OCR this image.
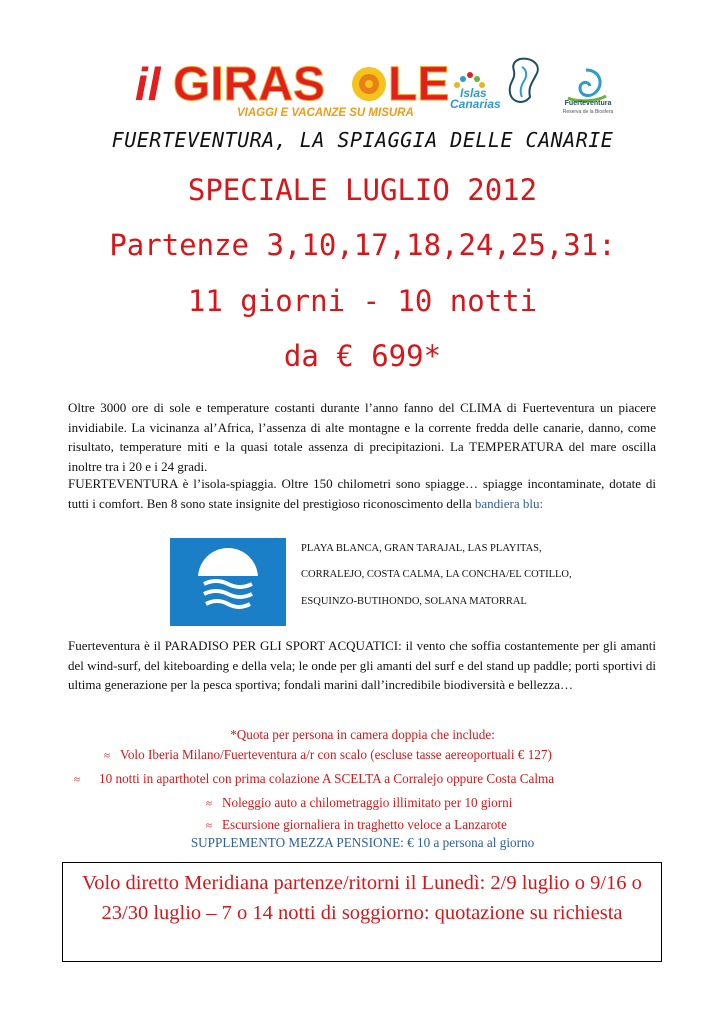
il GIRAS LE
VIAGGI E VACANZE SU MISURA
Islas
Canarias	Fuerteventura
Reserva de la Biosfera
FUERTEVENTURA, LA SPIAGGIA DELLE CANARIE
SPECIALE LUGLIO 2012
Partenze 3,10,17,18,24,25,31:
11 giorni - 10 notti
da € 699*
Oltre 3000 ore di sole e temperature costanti durante l’anno fanno del CLIMA di Fuerteventura un piacere invidiabile. La vicinanza al’Africa, l’assenza di alte montagne e la corrente fredda delle canarie, danno, come risultato, temperature miti e la quasi totale assenza di precipitazioni. La TEMPERATURA del mare oscilla inoltre tra i 20 e i 24 gradi.
FUERTEVENTURA è l’isola-spiaggia. Oltre 150 chilometri sono spiagge… spiagge incontaminate, dotate di tutti i comfort. Ben 8 sono state insignite del prestigioso riconoscimento della bandiera blu:
PLAYA BLANCA, GRAN TARAJAL, LAS PLAYITAS,
CORRALEJO, COSTA CALMA, LA CONCHA/EL COTILLO,
ESQUINZO-BUTIHONDO, SOLANA MATORRAL
Fuerteventura è il PARADISO PER GLI SPORT ACQUATICI: il vento che soffia costantemente per gli amanti del wind-surf, del kiteboarding e della vela; le onde per gli amanti del surf e del stand up paddle; porti sportivi di ultima generazione per la pesca sportiva; fondali marini dall’incredibile biodiversità e bellezza…
*Quota per persona in camera doppia che include:
≈ Volo Iberia Milano/Fuerteventura a/r con scalo (escluse tasse aereoportuali € 127)
≈ 10 notti in aparthotel con prima colazione A SCELTA a Corralejo oppure Costa Calma
≈ Noleggio auto a chilometraggio illimitato per 10 giorni
≈ Escursione giornaliera in traghetto veloce a Lanzarote
SUPPLEMENTO MEZZA PENSIONE: € 10 a persona al giorno
Volo diretto Meridiana partenze/ritorni il Lunedì: 2/9 luglio o 9/16 o 23/30 luglio – 7 o 14 notti di soggiorno: quotazione su richiesta
